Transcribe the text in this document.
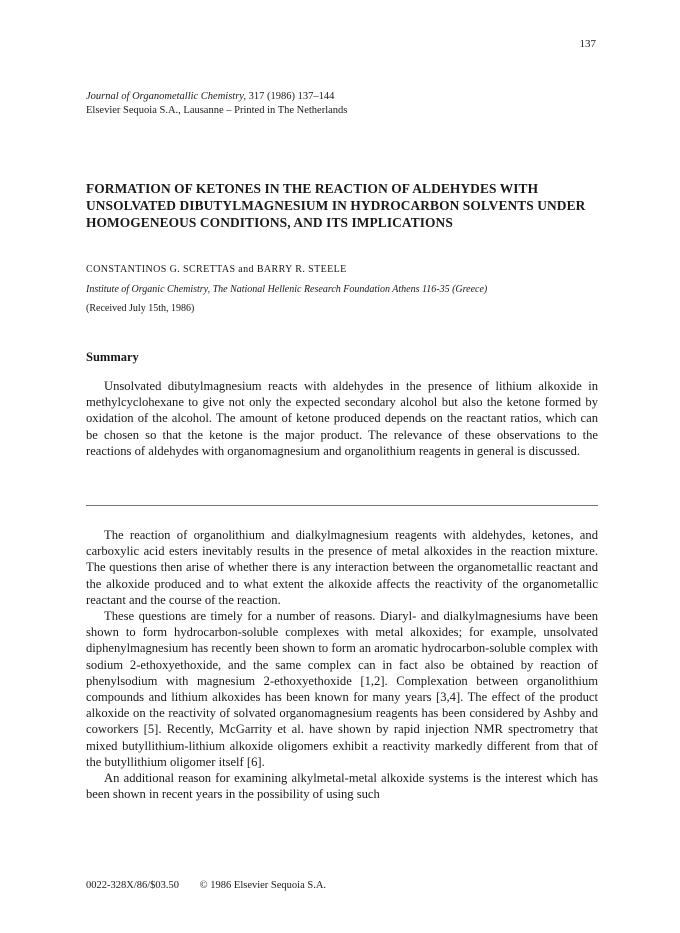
137
Journal of Organometallic Chemistry, 317 (1986) 137–144
Elsevier Sequoia S.A., Lausanne – Printed in The Netherlands
FORMATION OF KETONES IN THE REACTION OF ALDEHYDES WITH UNSOLVATED DIBUTYLMAGNESIUM IN HYDROCARBON SOLVENTS UNDER HOMOGENEOUS CONDITIONS, AND ITS IMPLICATIONS
CONSTANTINOS G. SCRETTAS and BARRY R. STEELE
Institute of Organic Chemistry, The National Hellenic Research Foundation Athens 116-35 (Greece)
(Received July 15th, 1986)
Summary

Unsolvated dibutylmagnesium reacts with aldehydes in the presence of lithium alkoxide in methylcyclohexane to give not only the expected secondary alcohol but also the ketone formed by oxidation of the alcohol. The amount of ketone produced depends on the reactant ratios, which can be chosen so that the ketone is the major product. The relevance of these observations to the reactions of aldehydes with organomagnesium and organolithium reagents in general is discussed.

The reaction of organolithium and dialkylmagnesium reagents with aldehydes, ketones, and carboxylic acid esters inevitably results in the presence of metal alkoxides in the reaction mixture. The questions then arise of whether there is any interaction between the organometallic reactant and the alkoxide produced and to what extent the alkoxide affects the reactivity of the organometallic reactant and the course of the reaction.

These questions are timely for a number of reasons. Diaryl- and dialkylmagnesiums have been shown to form hydrocarbon-soluble complexes with metal alkoxides; for example, unsolvated diphenylmagnesium has recently been shown to form an aromatic hydrocarbon-soluble complex with sodium 2-ethoxyethoxide, and the same complex can in fact also be obtained by reaction of phenylsodium with magnesium 2-ethoxyethoxide [1,2]. Complexation between organolithium compounds and lithium alkoxides has been known for many years [3,4]. The effect of the product alkoxide on the reactivity of solvated organomagnesium reagents has been considered by Ashby and coworkers [5]. Recently, McGarrity et al. have shown by rapid injection NMR spectrometry that mixed butyllithium-lithium alkoxide oligomers exhibit a reactivity markedly different from that of the butyllithium oligomer itself [6].

An additional reason for examining alkylmetal-metal alkoxide systems is the interest which has been shown in recent years in the possibility of using such

0022-328X/86/$03.50 © 1986 Elsevier Sequoia S.A.
